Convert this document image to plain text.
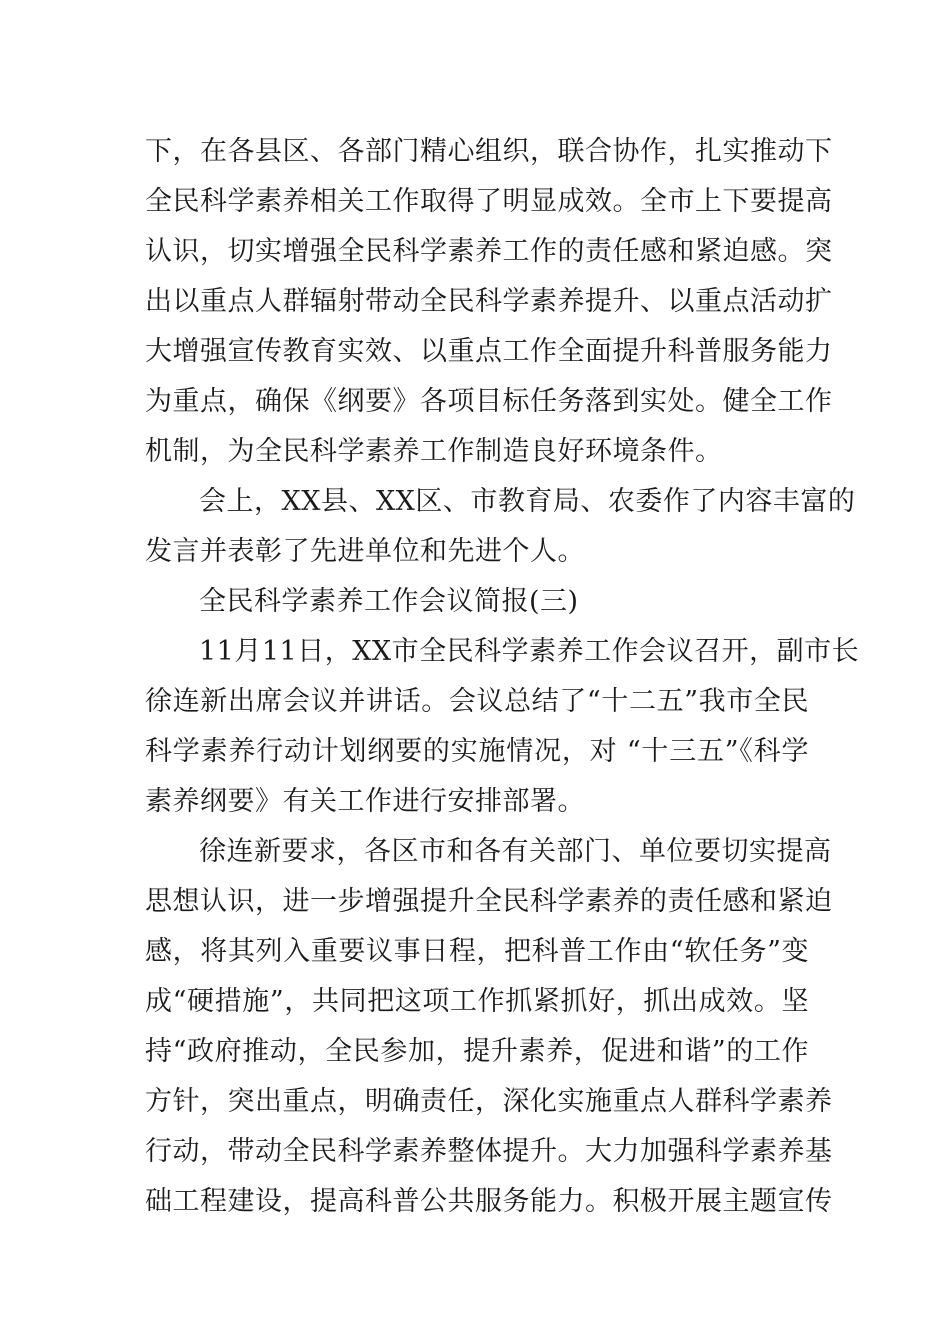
下，在各县区、各部门精心组织，联合协作，扎实推动下
全民科学素养相关工作取得了明显成效。全市上下要提高
认识，切实增强全民科学素养工作的责任感和紧迫感。突
出以重点人群辐射带动全民科学素养提升、以重点活动扩
大增强宣传教育实效、以重点工作全面提升科普服务能力
为重点，确保《纲要》各项目标任务落到实处。健全工作
机制，为全民科学素养工作制造良好环境条件。
会上，XX县、XX区、市教育局、农委作了内容丰富的
发言并表彰了先进单位和先进个人。
全民科学素养工作会议简报(三)
11月11日，XX市全民科学素养工作会议召开，副市长
徐连新出席会议并讲话。会议总结了“十二五”我市全民
科学素养行动计划纲要的实施情况，对 “十三五”《科学
素养纲要》有关工作进行安排部署。
徐连新要求，各区市和各有关部门、单位要切实提高
思想认识，进一步增强提升全民科学素养的责任感和紧迫
感，将其列入重要议事日程，把科普工作由“软任务”变
成“硬措施”，共同把这项工作抓紧抓好，抓出成效。坚
持“政府推动，全民参加，提升素养，促进和谐”的工作
方针，突出重点，明确责任，深化实施重点人群科学素养
行动，带动全民科学素养整体提升。大力加强科学素养基
础工程建设，提高科普公共服务能力。积极开展主题宣传
